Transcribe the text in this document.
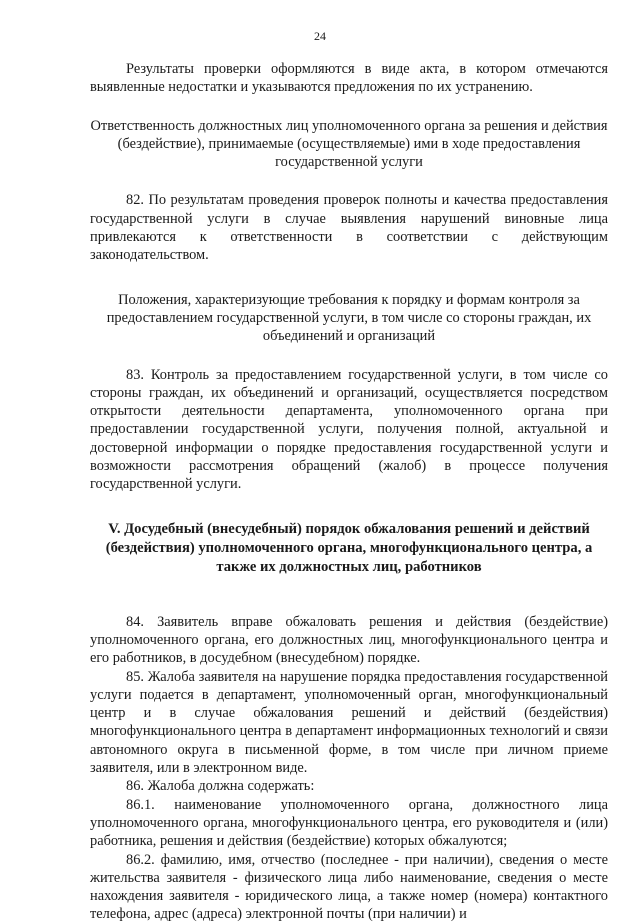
24

Результаты проверки оформляются в виде акта, в котором отмечаются выявленные недостатки и указываются предложения по их устранению.

Ответственность должностных лиц уполномоченного органа за решения и действия (бездействие), принимаемые (осуществляемые) ими в ходе предоставления государственной услуги

82. По результатам проведения проверок полноты и качества предоставления государственной услуги в случае выявления нарушений виновные лица привлекаются к ответственности в соответствии с действующим законодательством.

Положения, характеризующие требования к порядку и формам контроля за предоставлением государственной услуги, в том числе со стороны граждан, их объединений и организаций

83. Контроль за предоставлением государственной услуги, в том числе со стороны граждан, их объединений и организаций, осуществляется посредством открытости деятельности департамента, уполномоченного органа при предоставлении государственной услуги, получения полной, актуальной и достоверной информации о порядке предоставления государственной услуги и возможности рассмотрения обращений (жалоб) в процессе получения государственной услуги.

V. Досудебный (внесудебный) порядок обжалования решений и действий (бездействия) уполномоченного органа, многофункционального центра, а также их должностных лиц, работников

84. Заявитель вправе обжаловать решения и действия (бездействие) уполномоченного органа, его должностных лиц, многофункционального центра и его работников, в досудебном (внесудебном) порядке.

85. Жалоба заявителя на нарушение порядка предоставления государственной услуги подается в департамент, уполномоченный орган, многофункциональный центр и в случае обжалования решений и действий (бездействия) многофункционального центра в департамент информационных технологий и связи автономного округа в письменной форме, в том числе при личном приеме заявителя, или в электронном виде.

86. Жалоба должна содержать:

86.1. наименование уполномоченного органа, должностного лица уполномоченного органа, многофункционального центра, его руководителя и (или) работника, решения и действия (бездействие) которых обжалуются;

86.2. фамилию, имя, отчество (последнее - при наличии), сведения о месте жительства заявителя - физического лица либо наименование, сведения о месте нахождения заявителя - юридического лица, а также номер (номера) контактного телефона, адрес (адреса) электронной почты (при наличии) и
